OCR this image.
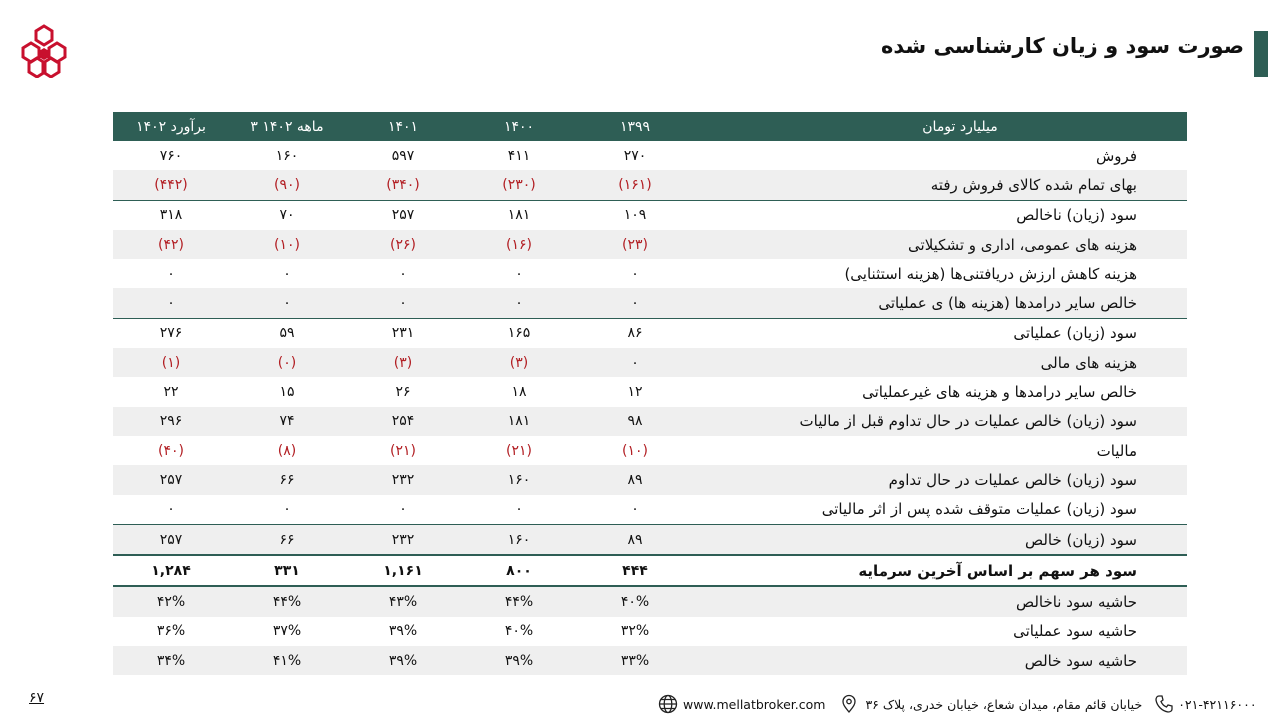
صورت سود و زیان کارشناسی شده
برآورد ۱۴۰۲	۳ ماهه ۱۴۰۲	۱۴۰۱	۱۴۰۰	۱۳۹۹	میلیارد تومان
۷۶۰	۱۶۰	۵۹۷	۴۱۱	۲۷۰	فروش
(۴۴۲)	(۹۰)	(۳۴۰)	(۲۳۰)	(۱۶۱)	بهای تمام شده کالای فروش رفته
۳۱۸	۷۰	۲۵۷	۱۸۱	۱۰۹	سود (زیان) ناخالص
(۴۲)	(۱۰)	(۲۶)	(۱۶)	(۲۳)	هزینه های عمومی، اداری و تشکیلاتی
۰	۰	۰	۰	۰	هزینه کاهش ارزش دریافتنی‌ها (هزینه استثنایی)
۰	۰	۰	۰	۰	خالص سایر درامدها (هزینه ها) ی عملیاتی
۲۷۶	۵۹	۲۳۱	۱۶۵	۸۶	سود (زیان) عملیاتی
(۱)	(۰)	(۳)	(۳)	۰	هزینه های مالی
۲۲	۱۵	۲۶	۱۸	۱۲	خالص سایر درامدها و هزینه های غیرعملیاتی
۲۹۶	۷۴	۲۵۴	۱۸۱	۹۸	سود (زیان) خالص عملیات در حال تداوم قبل از مالیات
(۴۰)	(۸)	(۲۱)	(۲۱)	(۱۰)	مالیات
۲۵۷	۶۶	۲۳۲	۱۶۰	۸۹	سود (زیان) خالص عملیات در حال تداوم
۰	۰	۰	۰	۰	سود (زیان) عملیات متوقف شده پس از اثر مالیاتی
۲۵۷	۶۶	۲۳۲	۱۶۰	۸۹	سود (زیان) خالص
۱,۲۸۴	۳۳۱	۱,۱۶۱	۸۰۰	۴۴۴	سود هر سهم بر اساس آخرین سرمایه
۴۲%	۴۴%	۴۳%	۴۴%	۴۰%	حاشیه سود ناخالص
۳۶%	۳۷%	۳۹%	۴۰%	۳۲%	حاشیه سود عملیاتی
۳۴%	۴۱%	۳۹%	۳۹%	۳۳%	حاشیه سود خالص
۶۷	www.mellatbroker.com	خیابان قائم مقام، میدان شعاع، خیابان خدری، پلاک ۳۶	۰۲۱-۴۲۱۱۶۰۰۰
